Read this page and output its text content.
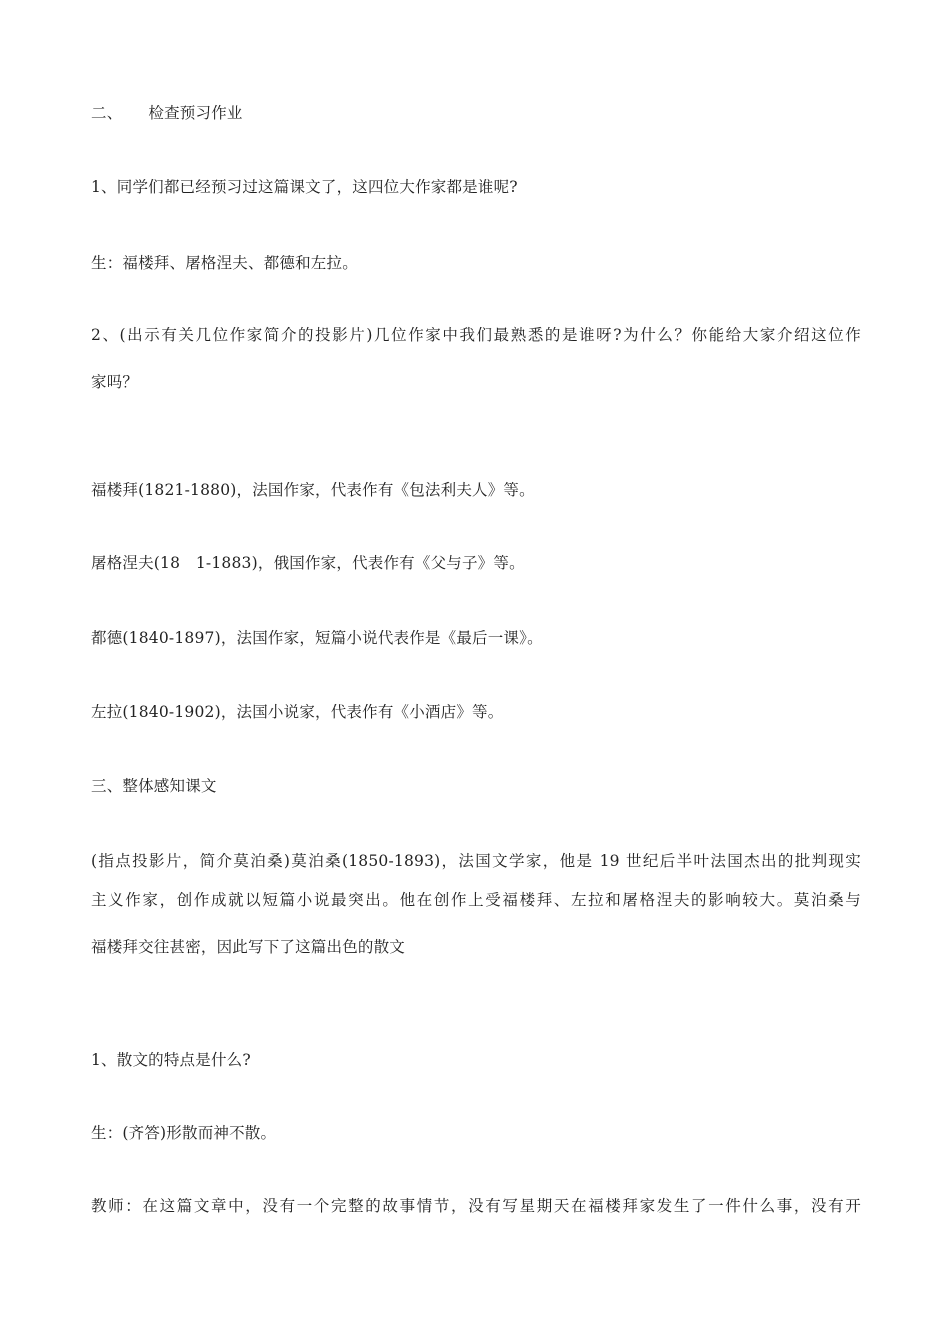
二、 检查预习作业
1、同学们都已经预习过这篇课文了，这四位大作家都是谁呢?
生：福楼拜、屠格涅夫、都德和左拉。
2、(出示有关几位作家简介的投影片)几位作家中我们最熟悉的是谁呀?为什么？你能给大家介绍这位作
家吗？
福楼拜(1821-1880)，法国作家，代表作有《包法利夫人》等。
屠格涅夫(18　1-1883)，俄国作家，代表作有《父与子》等。
都德(1840-1897)，法国作家，短篇小说代表作是《最后一课》。
左拉(1840-1902)，法国小说家，代表作有《小酒店》等。
三、整体感知课文
(指点投影片，简介莫泊桑)莫泊桑(1850-1893)，法国文学家，他是 19 世纪后半叶法国杰出的批判现实
主义作家，创作成就以短篇小说最突出。他在创作上受福楼拜、左拉和屠格涅夫的影响较大。莫泊桑与
福楼拜交往甚密，因此写下了这篇出色的散文
1、散文的特点是什么?
生：(齐答)形散而神不散。
教师：在这篇文章中，没有一个完整的故事情节，没有写星期天在福楼拜家发生了一件什么事，没有开
